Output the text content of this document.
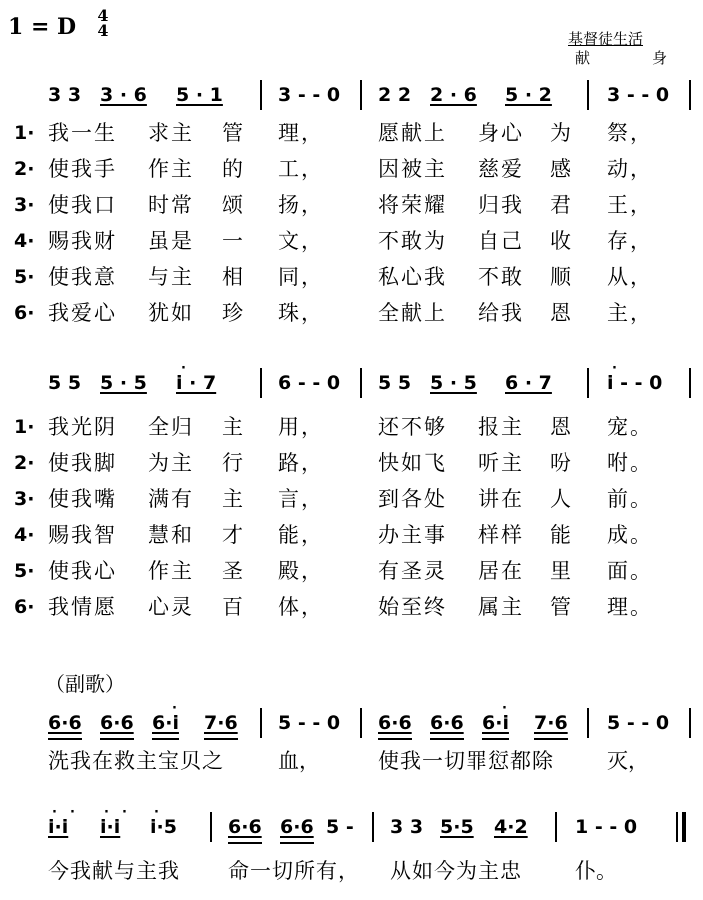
1 = D 4
4	基督徒生活
献	身
3 3 3 · 6 5 · 1	3 - - 0 2 2 2 · 6 5 · 2	3 - - 0
1· 我一生 求主 管 理，	愿献上 身心 为 祭，
2· 使我手 作主 的 工，	因被主 慈爱 感 动，
3· 使我口 时常 颂 扬，	将荣耀 归我 君 王，
4· 赐我财 虽是 一 文，	不敢为 自己 收 存，
5· 使我意 与主 相 同，	私心我 不敢 顺 从，
6· 我爱心 犹如 珍 珠，	全献上 给我 恩 主，
5 5 5 · 5 i · 7	6 - - 0 5 5 5 · 5 6 · 7	i - - 0
·	·
1· 我光阴 全归 主 用，	还不够 报主 恩 宠。
2· 使我脚 为主 行 路，	快如飞 听主 吩 咐。
3· 使我嘴 满有 主 言，	到各处 讲在 人 前。
4· 赐我智 慧和 才 能，	办主事 样样 能 成。
5· 使我心 作主 圣 殿，	有圣灵 居在 里 面。
6· 我情愿 心灵 百 体，	始至终 属主 管 理。
（副歌）
6·6 6·6 6·i 7·6 5 - - 0 6·6 6·6 6·i 7·6 5 - - 0
·	·
洗我在救主宝贝之	血，	使我一切罪愆都除	灭，
i·i i·i i·5	6·6 6·6 5 - 3 3 5·5 4·2 1 - - 0
· · · · ·
今我献与主我 命一切所有， 从如今为主忠	仆。
